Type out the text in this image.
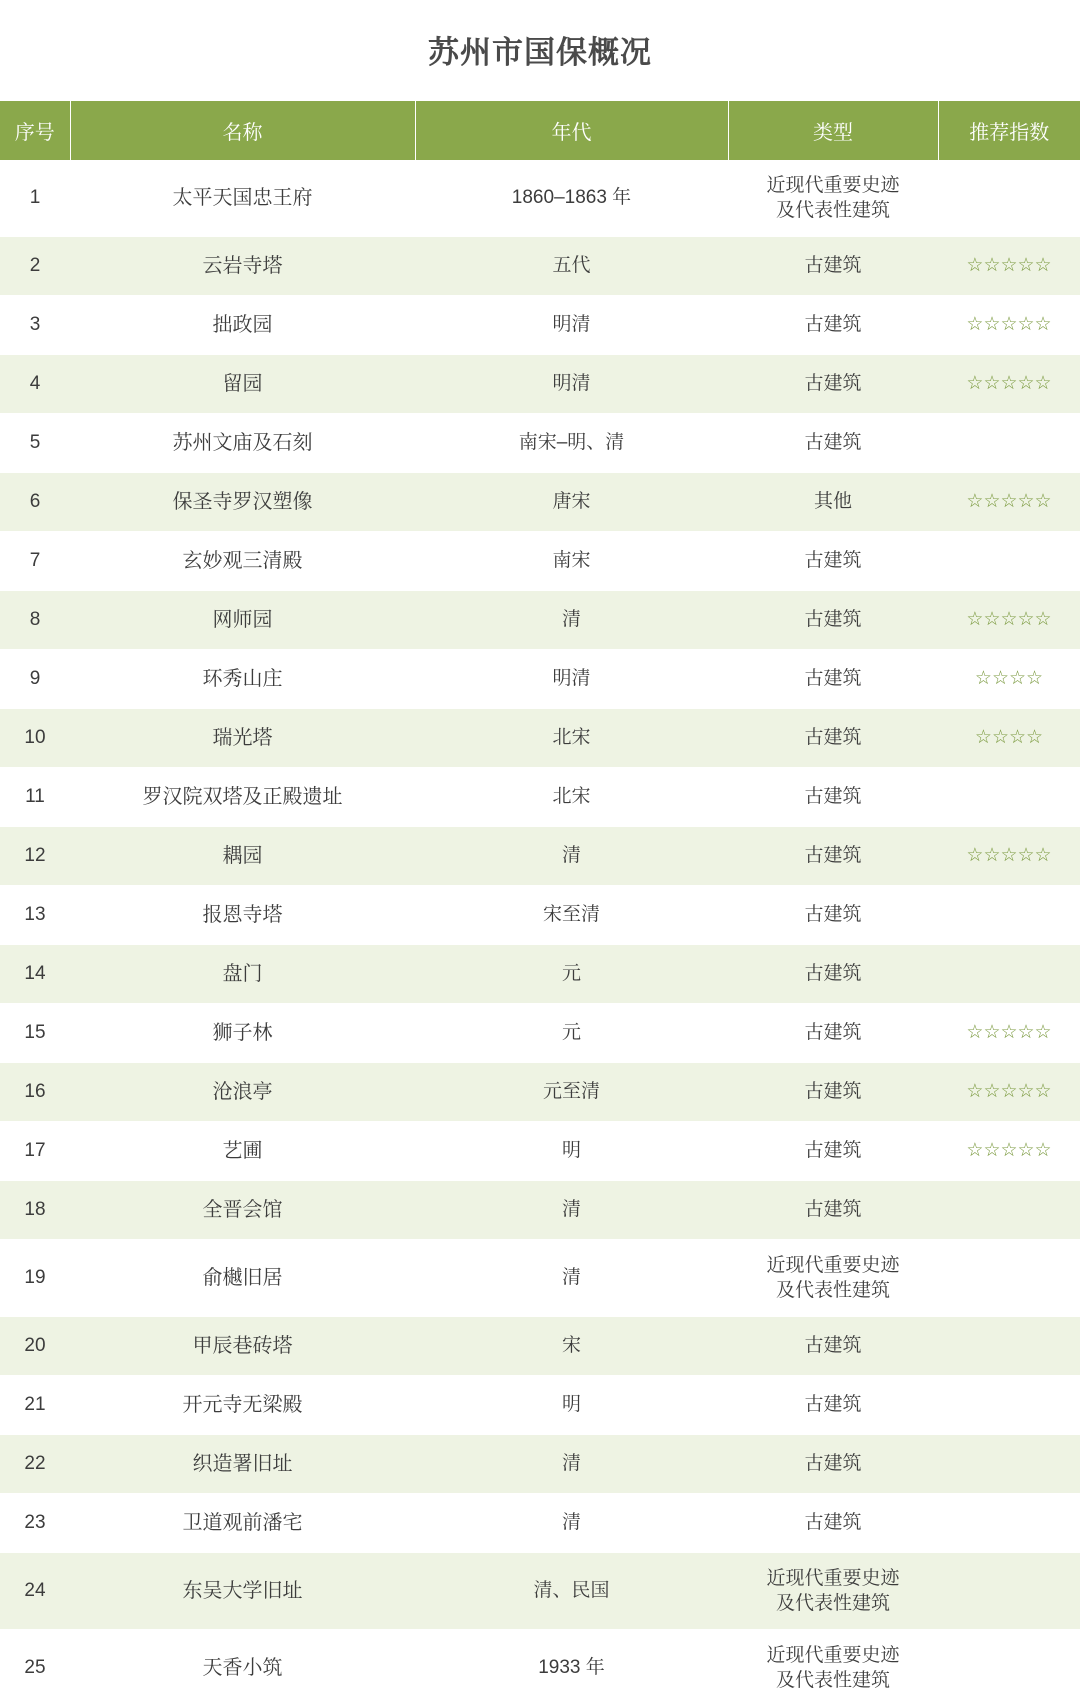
苏州市国保概况
序号	名称	年代	类型	推荐指数
1	太平天国忠王府	1860–1863 年	近现代重要史迹
及代表性建筑	

2	云岩寺塔	五代	古建筑	☆☆☆☆☆
3	拙政园	明清	古建筑	☆☆☆☆☆
4	留园	明清	古建筑	☆☆☆☆☆
5	苏州文庙及石刻	南宋–明、清	古建筑	
6	保圣寺罗汉塑像	唐宋	其他	☆☆☆☆☆
7	玄妙观三清殿	南宋	古建筑	
8	网师园	清	古建筑	☆☆☆☆☆
9	环秀山庄	明清	古建筑	☆☆☆☆
10	瑞光塔	北宋	古建筑	☆☆☆☆
11	罗汉院双塔及正殿遗址	北宋	古建筑	
12	耦园	清	古建筑	☆☆☆☆☆
13	报恩寺塔	宋至清	古建筑	
14	盘门	元	古建筑	
15	狮子林	元	古建筑	☆☆☆☆☆
16	沧浪亭	元至清	古建筑	☆☆☆☆☆
17	艺圃	明	古建筑	☆☆☆☆☆
18	全晋会馆	清	古建筑	
19	俞樾旧居	清	近现代重要史迹
及代表性建筑	

20	甲辰巷砖塔	宋	古建筑	
21	开元寺无梁殿	明	古建筑	
22	织造署旧址	清	古建筑	
23	卫道观前潘宅	清	古建筑	
24	东吴大学旧址	清、民国	近现代重要史迹
及代表性建筑	

25	天香小筑	1933 年	近现代重要史迹
及代表性建筑	
